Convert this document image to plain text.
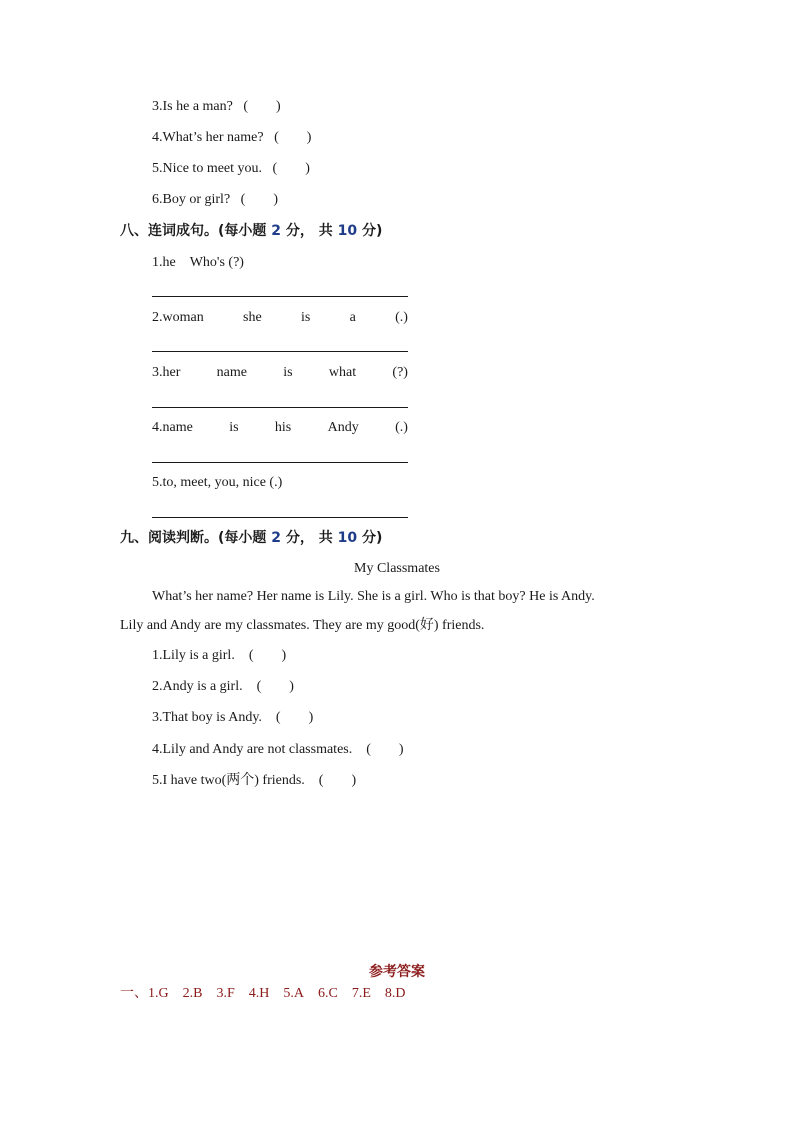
3.Is he a man? (　　)
4.What’s her name? (　　)
5.Nice to meet you. (　　)
6.Boy or girl? (　　)
八、连词成句。(每小题 2 分， 共 10 分)
1.he Who's (?)
2.woman	she	is	a	(.)
3.her	name	is	what	(?)
4.name	is	his	Andy	(.)
5.to, meet, you, nice (.)
九、阅读判断。(每小题 2 分， 共 10 分)
My Classmates
What’s her name? Her name is Lily. She is a girl. Who is that boy? He is Andy.
Lily and Andy are my classmates. They are my good(好) friends.
1.Lily is a girl. (　　)
2.Andy is a girl. (　　)
3.That boy is Andy. (　　)
4.Lily and Andy are not classmates. (　　)
5.I have two(两个) friends. (　　)
参考答案
一、1.G 2.B 3.F 4.H 5.A 6.C 7.E 8.D
